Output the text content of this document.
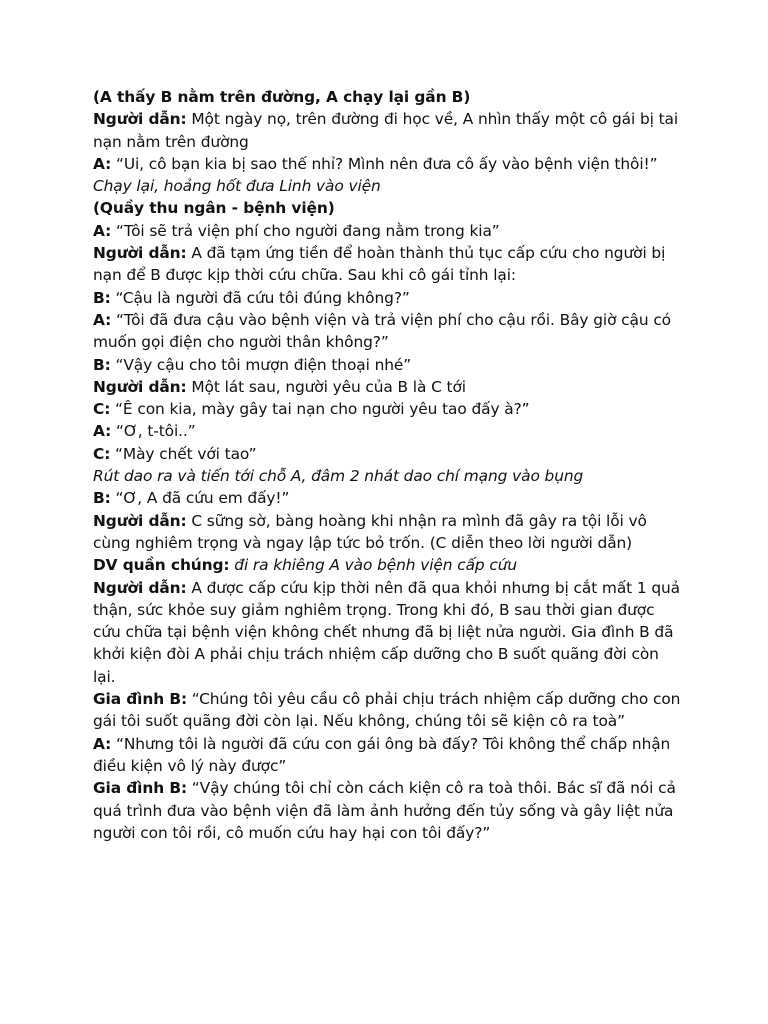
(A thấy B nằm trên đường, A chạy lại gần B)

Người dẫn: Một ngày nọ, trên đường đi học về, A nhìn thấy một cô gái bị tai nạn nằm trên đường

A: “Ui, cô bạn kia bị sao thế nhỉ? Mình nên đưa cô ấy vào bệnh viện thôi!” Chạy lại, hoảng hốt đưa Linh vào viện

(Quầy thu ngân - bệnh viện)

A: “Tôi sẽ trả viện phí cho người đang nằm trong kia”

Người dẫn: A đã tạm ứng tiền để hoàn thành thủ tục cấp cứu cho người bị nạn để B được kịp thời cứu chữa. Sau khi cô gái tỉnh lại:

B: “Cậu là người đã cứu tôi đúng không?”

A: “Tôi đã đưa cậu vào bệnh viện và trả viện phí cho cậu rồi. Bây giờ cậu có muốn gọi điện cho người thân không?”

B: “Vậy cậu cho tôi mượn điện thoại nhé”

Người dẫn: Một lát sau, người yêu của B là C tới

C: “Ê con kia, mày gây tai nạn cho người yêu tao đấy à?”

A: “Ơ, t-tôi..”

C: “Mày chết với tao”

Rút dao ra và tiến tới chỗ A, đâm 2 nhát dao chí mạng vào bụng

B: “Ơ, A đã cứu em đấy!”

Người dẫn: C sững sờ, bàng hoàng khi nhận ra mình đã gây ra tội lỗi vô cùng nghiêm trọng và ngay lập tức bỏ trốn. (C diễn theo lời người dẫn)

DV quần chúng: đi ra khiêng A vào bệnh viện cấp cứu

Người dẫn: A được cấp cứu kịp thời nên đã qua khỏi nhưng bị cắt mất 1 quả thận, sức khỏe suy giảm nghiêm trọng. Trong khi đó, B sau thời gian được cứu chữa tại bệnh viện không chết nhưng đã bị liệt nửa người. Gia đình B đã khởi kiện đòi A phải chịu trách nhiệm cấp dưỡng cho B suốt quãng đời còn lại.

Gia đình B: “Chúng tôi yêu cầu cô phải chịu trách nhiệm cấp dưỡng cho con gái tôi suốt quãng đời còn lại. Nếu không, chúng tôi sẽ kiện cô ra toà”

A: “Nhưng tôi là người đã cứu con gái ông bà đấy? Tôi không thể chấp nhận điều kiện vô lý này được”

Gia đình B: “Vậy chúng tôi chỉ còn cách kiện cô ra toà thôi. Bác sĩ đã nói cả quá trình đưa vào bệnh viện đã làm ảnh hưởng đến tủy sống và gây liệt nửa người con tôi rồi, cô muốn cứu hay hại con tôi đấy?”
